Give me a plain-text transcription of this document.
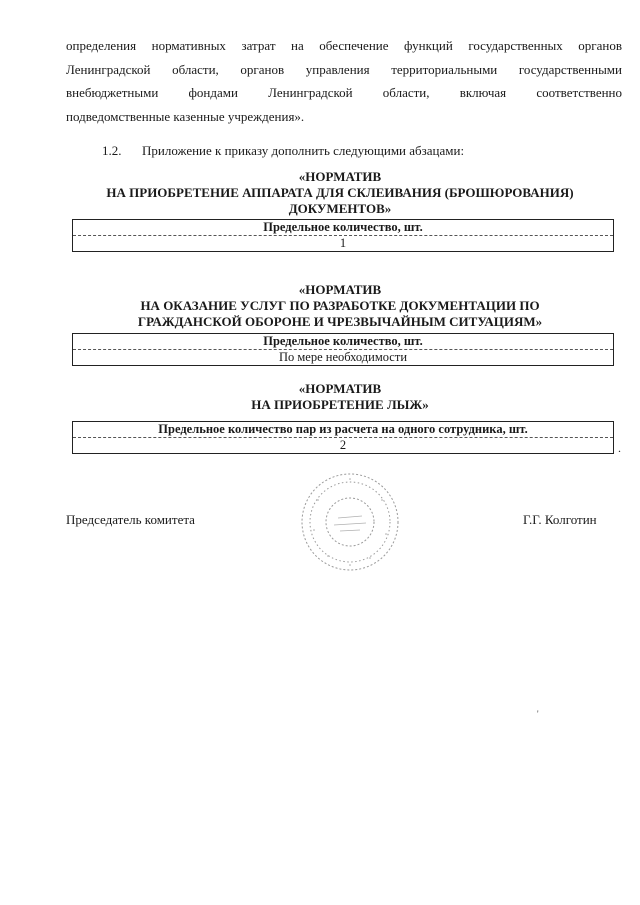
определения нормативных затрат на обеспечение функций государственных органов
Ленинградской области, органов управления территориальными государственными
внебюджетными фондами Ленинградской области, включая соответственно
подведомственные казенные учреждения».
1.2. Приложение к приказу дополнить следующими абзацами:
«НОРМАТИВ
НА ПРИОБРЕТЕНИЕ АППАРАТА ДЛЯ СКЛЕИВАНИЯ (БРОШЮРОВАНИЯ)
ДОКУМЕНТОВ»
Предельное количество, шт.
1
«НОРМАТИВ
НА ОКАЗАНИЕ УСЛУГ ПО РАЗРАБОТКЕ ДОКУМЕНТАЦИИ ПО
ГРАЖДАНСКОЙ ОБОРОНЕ И ЧРЕЗВЫЧАЙНЫМ СИТУАЦИЯМ»
Предельное количество, шт.
По мере необходимости
«НОРМАТИВ
НА ПРИОБРЕТЕНИЕ ЛЫЖ»
Предельное количество пар из расчета на одного сотрудника, шт.
2	.
Председатель комитета	Г.Г. Колготин
'
